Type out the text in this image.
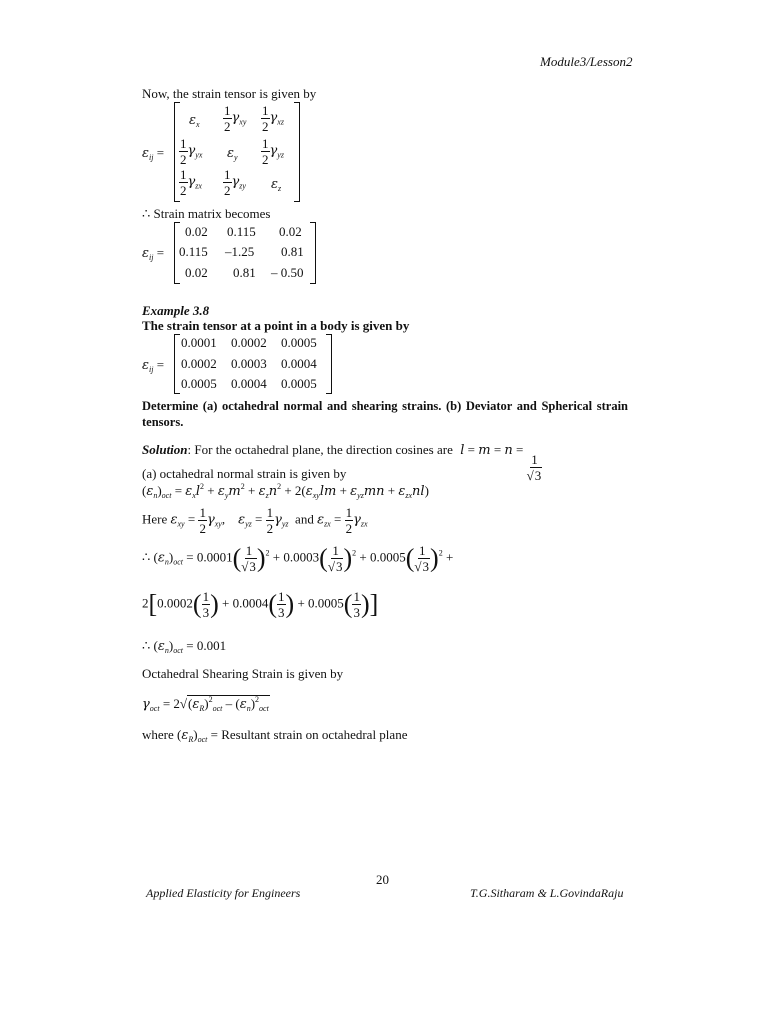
Module3/Lesson2
Now, the strain tensor is given by
$\varepsilon_{ij}$ =
$\varepsilon_x \frac{1}{2} \gamma_{xy} \frac{1}{2} \gamma_{xz}$
$\frac{1}{2} \gamma_{yx}$ $\varepsilon_y \frac{1}{2} \gamma_{yz}$
$\frac{1}{2} \gamma_{zx} \frac{1}{2} \gamma_{zy}$ $\varepsilon_z$
∴ Strain matrix becomes
$\varepsilon_{ij}$ =
0.02 0.115 0.02
0.115 –1.25 0.81
0.02 0.81 – 0.50
Example 3.8
The strain tensor at a point in a body is given by
$\varepsilon_{ij}$ =
0.0001 0.0002 0.0005
0.0002 0.0003 0.0004
0.0005 0.0004 0.0005
Determine (a) octahedral normal and shearing strains. (b) Deviator and Spherical strain tensors.
Solution: For the octahedral plane, the direction cosines are  l = m = n =
$\frac{1}{√3}$
(a) octahedral normal strain is given by
$(\varepsilon_n)_{oct} = \varepsilon_xl^2 + \varepsilon_ym^2 + \varepsilon_zn^2 + 2(\varepsilon_{xy}lm + \varepsilon_{yz}mn + \varepsilon_{zx}nl)$
Here $\varepsilon_{xy} = \frac{1}{2} \gamma_{xy}$,    $\varepsilon_{yz} = \frac{1}{2} \gamma_{yz}$ and $\varepsilon_{zx} = \frac{1}{2} \gamma_{zx}$
∴ $(\varepsilon_n)_{oct} = 0.0001( \frac{1}{√3} )^2 + 0.0003( \frac{1}{√3} )^2 + 0.0005( \frac{1}{√3} )^2$ +
$2[0.0002( \frac{1}{3}$ ) + $0.0004( \frac{1}{3}$ ) + $0.0005( \frac{1}{3}$ )]
∴ $(\varepsilon_n)_{oct} = 0.001$
Octahedral Shearing Strain is given by
$\gamma_{oct} = 2√(\varepsilon_R)^2_{oct} - (\varepsilon_n)^2_{oct}$
where $(\varepsilon_R)_{oct}$ = Resultant strain on octahedral plane
20
Applied Elasticity for Engineers	T.G.Sitharam & L.GovindaRaju
